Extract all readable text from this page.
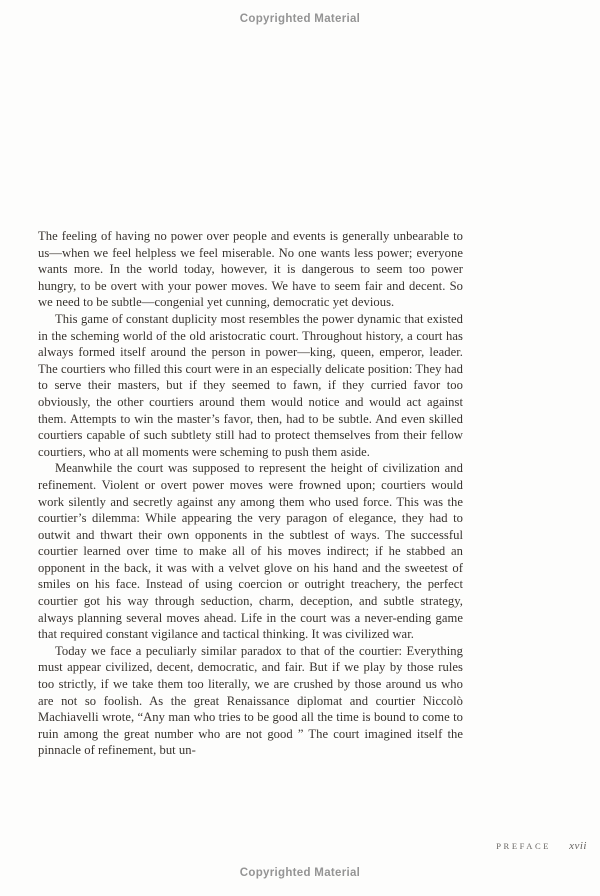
Copyrighted Material

The feeling of having no power over people and events is generally unbearable to us—when we feel helpless we feel miserable. No one wants less power; everyone wants more. In the world today, however, it is dangerous to seem too power hungry, to be overt with your power moves. We have to seem fair and decent. So we need to be subtle—congenial yet cunning, democratic yet devious.

This game of constant duplicity most resembles the power dynamic that existed in the scheming world of the old aristocratic court. Throughout history, a court has always formed itself around the person in power—king, queen, emperor, leader. The courtiers who filled this court were in an especially delicate position: They had to serve their masters, but if they seemed to fawn, if they curried favor too obviously, the other courtiers around them would notice and would act against them. Attempts to win the master’s favor, then, had to be subtle. And even skilled courtiers capable of such subtlety still had to protect themselves from their fellow courtiers, who at all moments were scheming to push them aside.

Meanwhile the court was supposed to represent the height of civilization and refinement. Violent or overt power moves were frowned upon; courtiers would work silently and secretly against any among them who used force. This was the courtier’s dilemma: While appearing the very paragon of elegance, they had to outwit and thwart their own opponents in the subtlest of ways. The successful courtier learned over time to make all of his moves indirect; if he stabbed an opponent in the back, it was with a velvet glove on his hand and the sweetest of smiles on his face. Instead of using coercion or outright treachery, the perfect courtier got his way through seduction, charm, deception, and subtle strategy, always planning several moves ahead. Life in the court was a never-ending game that required constant vigilance and tactical thinking. It was civilized war.

Today we face a peculiarly similar paradox to that of the courtier: Everything must appear civilized, decent, democratic, and fair. But if we play by those rules too strictly, if we take them too literally, we are crushed by those around us who are not so foolish. As the great Renaissance diplomat and courtier Niccolò Machiavelli wrote, “Any man who tries to be good all the time is bound to come to ruin among the great number who are not good ” The court imagined itself the pinnacle of refinement, but un-

PREFACE xvii
Copyrighted Material
